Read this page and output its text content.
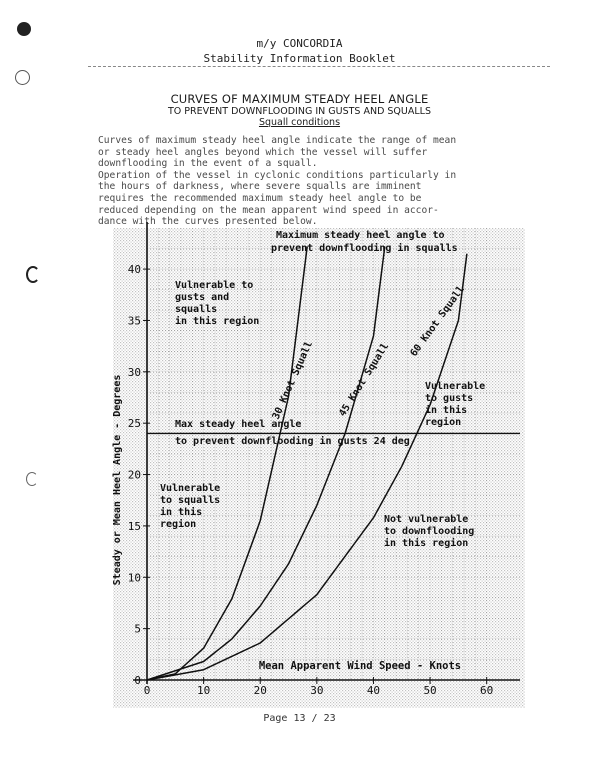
m/y CONCORDIA
Stability Information Booklet
CURVES OF MAXIMUM STEADY HEEL ANGLE
TO PREVENT DOWNFLOODING IN GUSTS AND SQUALLS
Squall conditions
Curves of maximum steady heel angle indicate the range of mean
or steady heel angles beyond which the vessel will suffer
downflooding in the event of a squall.
Operation of the vessel in cyclonic conditions particularly in
the hours of darkness, where severe squalls are imminent
requires the recommended maximum steady heel angle to be
reduced depending on the mean apparent wind speed in accor-
dance with the curves presented below.
0	10	20	30	40	50	60
0
5
10
15
20
25
30
35
40
30 Knot Squall 45 Knot Squall
60 Knot Squall
Steady or Mean Heel Angle - Degrees
Mean Apparent Wind Speed - Knots
Maximum steady heel angle to
prevent downflooding in squalls
Vulnerable to
gusts and
squalls
in this region
Max steady heel angle
to prevent downflooding in gusts 24 deg
Vulnerable
to gusts
in this
region
Vulnerable
to squalls
in this
region	Not vulnerable
to downflooding
in this region
Page 13 / 23
